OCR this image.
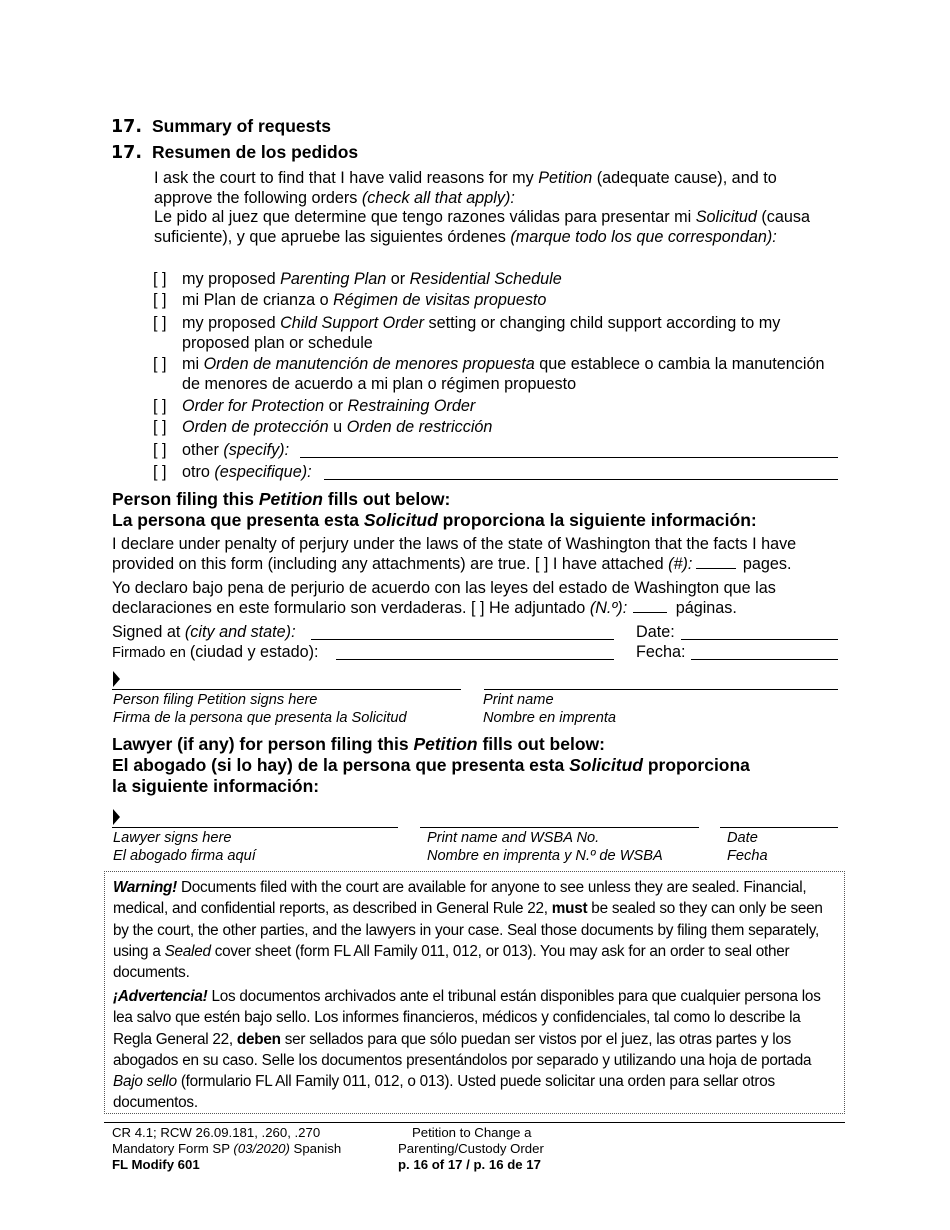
17. Summary of requests
17. Resumen de los pedidos
I ask the court to find that I have valid reasons for my Petition (adequate cause), and to approve the following orders (check all that apply):
Le pido al juez que determine que tengo razones válidas para presentar mi Solicitud (causa suficiente), y que apruebe las siguientes órdenes (marque todo los que correspondan):
[ ] my proposed Parenting Plan or Residential Schedule
[ ] mi Plan de crianza o Régimen de visitas propuesto
[ ] my proposed Child Support Order setting or changing child support according to my proposed plan or schedule
[ ] mi Orden de manutención de menores propuesta que establece o cambia la manutención de menores de acuerdo a mi plan o régimen propuesto
[ ] Order for Protection or Restraining Order
[ ] Orden de protección u Orden de restricción
[ ] other (specify):
[ ] otro (especifique):
Person filing this Petition fills out below:
La persona que presenta esta Solicitud proporciona la siguiente información:
I declare under penalty of perjury under the laws of the state of Washington that the facts I have provided on this form (including any attachments) are true. [ ] I have attached (#):	pages.
Yo declaro bajo pena de perjurio de acuerdo con las leyes del estado de Washington que las declaraciones en este formulario son verdaderas. [ ] He adjuntado (N.º):	páginas.
Signed at (city and state):	Date:
Firmado en (ciudad y estado):	Fecha:
Person filing Petition signs here
Firma de la persona que presenta la Solicitud
Print name
Nombre en imprenta
Lawyer (if any) for person filing this Petition fills out below:
El abogado (si lo hay) de la persona que presenta esta Solicitud proporciona
la siguiente información:
Lawyer signs here
El abogado firma aquí
Print name and WSBA No.
Nombre en imprenta y N.º de WSBA
Date
Fecha

Warning! Documents filed with the court are available for anyone to see unless they are sealed. Financial, medical, and confidential reports, as described in General Rule 22, must be sealed so they can only be seen by the court, the other parties, and the lawyers in your case. Seal those documents by filing them separately, using a Sealed cover sheet (form FL All Family 011, 012, or 013). You may ask for an order to seal other documents.

¡Advertencia! Los documentos archivados ante el tribunal están disponibles para que cualquier persona los lea salvo que estén bajo sello. Los informes financieros, médicos y confidenciales, tal como lo describe la Regla General 22, deben ser sellados para que sólo puedan ser vistos por el juez, las otras partes y los abogados en su caso. Selle los documentos presentándolos por separado y utilizando una hoja de portada Bajo sello (formulario FL All Family 011, 012, o 013). Usted puede solicitar una orden para sellar otros documentos.

CR 4.1; RCW 26.09.181, .260, .270
Mandatory Form SP (03/2020) Spanish
FL Modify 601
Petition to Change a
Parenting/Custody Order
p. 16 of 17 / p. 16 de 17
